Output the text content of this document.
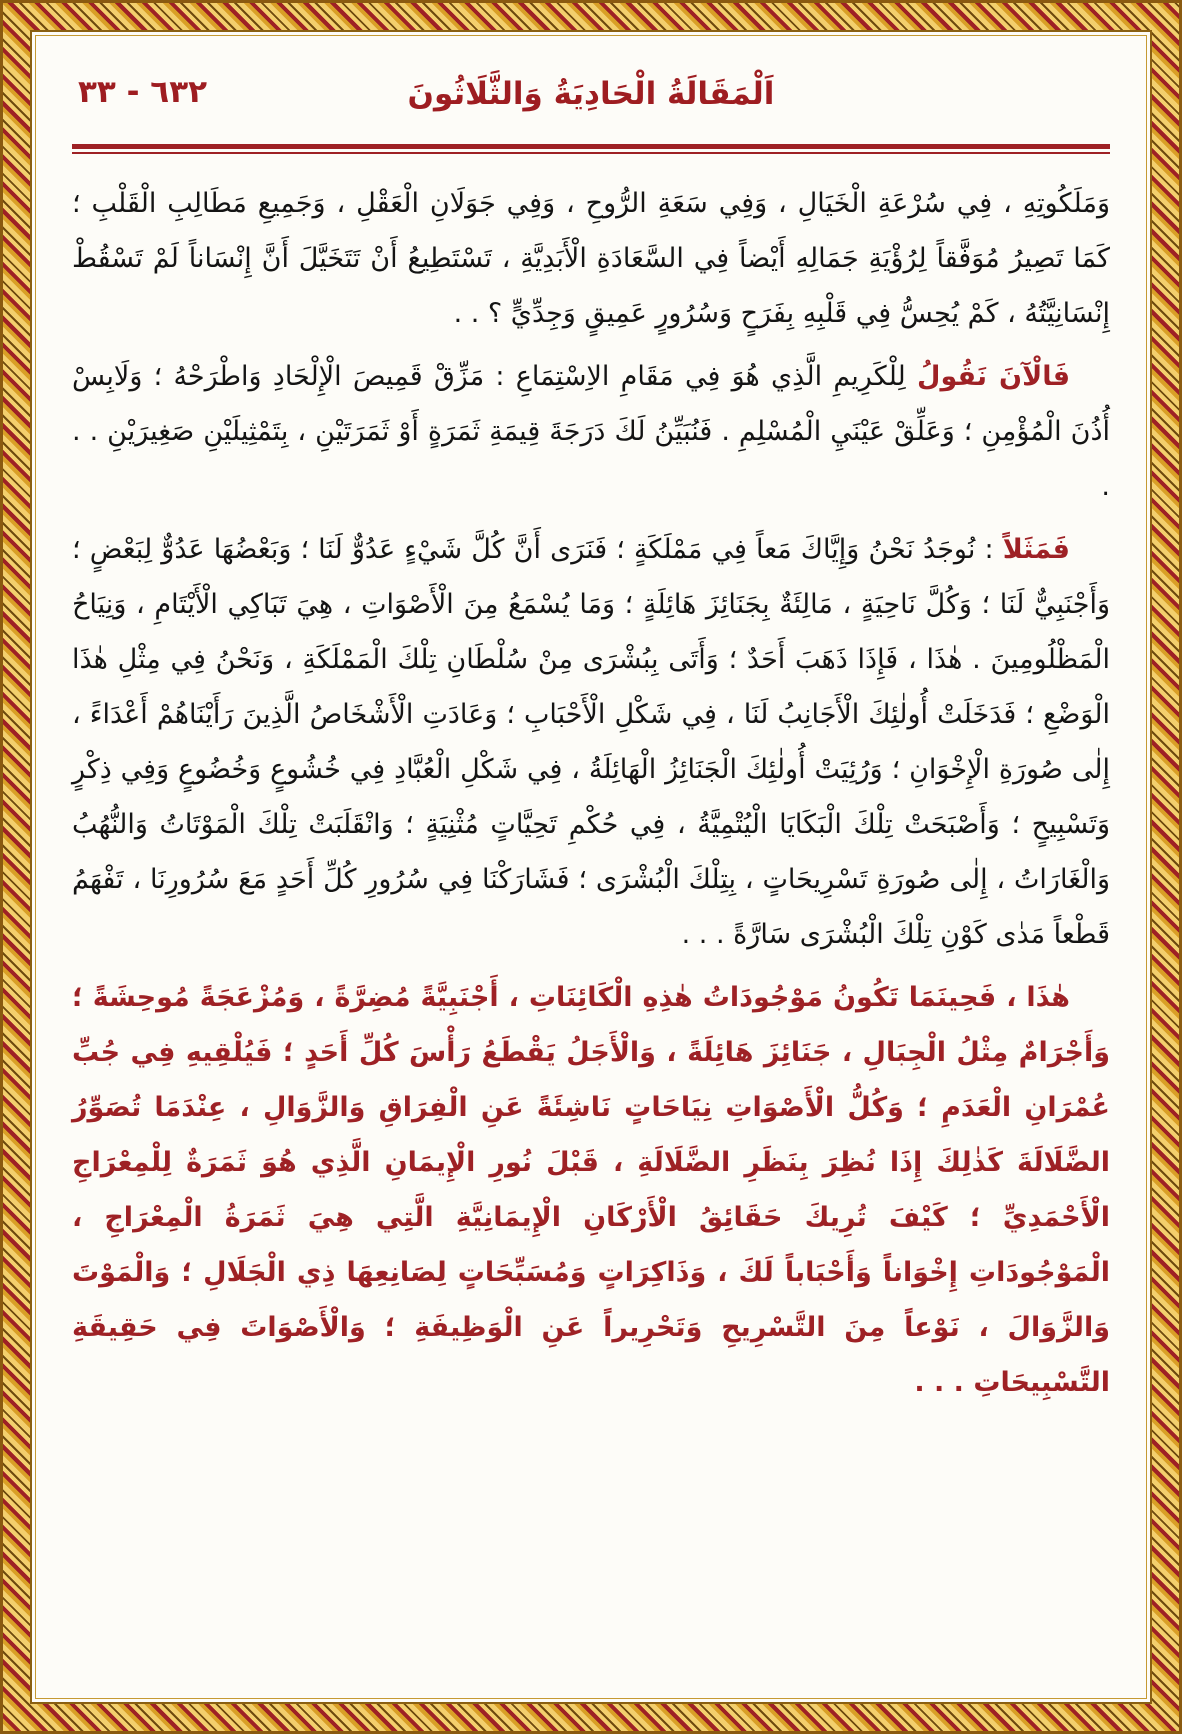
اَلْمَقَالَةُ الْحَادِيَةُ وَالثَّلَاثُونَ
٦٣٢ - ٣٣

وَمَلَكُوتِهِ ، فِي سُرْعَةِ الْخَيَالِ ، وَفِي سَعَةِ الرُّوحِ ، وَفِي جَوَلَانِ الْعَقْلِ ، وَجَمِيعِ مَطَالِبِ الْقَلْبِ ؛ كَمَا تَصِيرُ مُوَفَّقاً لِرُؤْيَةِ جَمَالِهِ أَيْضاً فِي السَّعَادَةِ الْأَبَدِيَّةِ ، تَسْتَطِيعُ أَنْ تَتَخَيَّلَ أَنَّ إِنْسَاناً لَمْ تَسْقُطْ إِنْسَانِيَّتُهُ ، كَمْ يُحِسُّ فِي قَلْبِهِ بِفَرَحٍ وَسُرُورٍ عَمِيقٍ وَجِدِّيٍّ ؟ . .

فَالْآنَ نَقُولُ لِلْكَرِيمِ الَّذِي هُوَ فِي مَقَامِ الاِسْتِمَاعِ : مَزِّقْ قَمِيصَ الْإِلْحَادِ وَاطْرَحْهُ ؛ وَلَابِسْ أُذُنَ الْمُؤْمِنِ ؛ وَعَلِّقْ عَيْنَيِ الْمُسْلِمِ . فَنُبَيِّنُ لَكَ دَرَجَةَ قِيمَةِ ثَمَرَةٍ أَوْ ثَمَرَتَيْنِ ، بِتَمْثِيلَيْنِ صَغِيرَيْنِ . . .

فَمَثَلاً : نُوجَدُ نَحْنُ وَإِيَّاكَ مَعاً فِي مَمْلَكَةٍ ؛ فَنَرَى أَنَّ كُلَّ شَيْءٍ عَدُوٌّ لَنَا ؛ وَبَعْضُهَا عَدُوٌّ لِبَعْضٍ ؛ وَأَجْنَبِيٌّ لَنَا ؛ وَكُلَّ نَاحِيَةٍ ، مَالِئَةٌ بِجَنَائِزَ هَائِلَةٍ ؛ وَمَا يُسْمَعُ مِنَ الْأَصْوَاتِ ، هِيَ تَبَاكِي الْأَيْتَامِ ، وَنِيَاحُ الْمَظْلُومِينَ . هٰذَا ، فَإِذَا ذَهَبَ أَحَدٌ ؛ وَأَتَى بِبُشْرَى مِنْ سُلْطَانِ تِلْكَ الْمَمْلَكَةِ ، وَنَحْنُ فِي مِثْلِ هٰذَا الْوَضْعِ ؛ فَدَخَلَتْ أُولٰئِكَ الْأَجَانِبُ لَنَا ، فِي شَكْلِ الْأَحْبَابِ ؛ وَعَادَتِ الْأَشْخَاصُ الَّذِينَ رَأَيْنَاهُمْ أَعْدَاءً ، إِلٰى صُورَةِ الْإِخْوَانِ ؛ وَرُئِيَتْ أُولٰئِكَ الْجَنَائِزُ الْهَائِلَةُ ، فِي شَكْلِ الْعُبَّادِ فِي خُشُوعٍ وَخُضُوعٍ وَفِي ذِكْرٍ وَتَسْبِيحٍ ؛ وَأَصْبَحَتْ تِلْكَ الْبَكَايَا الْيُتْمِيَّةُ ، فِي حُكْمِ تَحِيَّاتٍ مُثْنِيَةٍ ؛ وَانْقَلَبَتْ تِلْكَ الْمَوْتَاتُ وَالنُّهُبُ وَالْغَارَاتُ ، إِلٰى صُورَةِ تَسْرِيحَاتٍ ، بِتِلْكَ الْبُشْرَى ؛ فَشَارَكْنَا فِي سُرُورِ كُلِّ أَحَدٍ مَعَ سُرُورِنَا ، تَفْهَمُ قَطْعاً مَدٰى كَوْنِ تِلْكَ الْبُشْرَى سَارَّةً . . .

هٰذَا ، فَحِينَمَا تَكُونُ مَوْجُودَاتُ هٰذِهِ الْكَائِنَاتِ ، أَجْنَبِيَّةً مُضِرَّةً ، وَمُزْعَجَةً مُوحِشَةً ؛ وَأَجْرَامٌ مِثْلُ الْجِبَالِ ، جَنَائِزَ هَائِلَةً ، وَالْأَجَلُ يَقْطَعُ رَأْسَ كُلِّ أَحَدٍ ؛ فَيُلْقِيهِ فِي جُبِّ عُمْرَانِ الْعَدَمِ ؛ وَكُلُّ الْأَصْوَاتِ نِيَاحَاتٍ نَاشِئَةً عَنِ الْفِرَاقِ وَالزَّوَالِ ، عِنْدَمَا تُصَوِّرُ الضَّلَالَةَ كَذٰلِكَ إِذَا نُظِرَ بِنَظَرِ الضَّلَالَةِ ، قَبْلَ نُورِ الْإِيمَانِ الَّذِي هُوَ ثَمَرَةٌ لِلْمِعْرَاجِ الْأَحْمَدِيِّ ؛ كَيْفَ تُرِيكَ حَقَائِقُ الْأَرْكَانِ الْإِيمَانِيَّةِ الَّتِي هِيَ ثَمَرَةُ الْمِعْرَاجِ ، الْمَوْجُودَاتِ إِخْوَاناً وَأَحْبَاباً لَكَ ، وَذَاكِرَاتٍ وَمُسَبِّحَاتٍ لِصَانِعِهَا ذِي الْجَلَالِ ؛ وَالْمَوْتَ وَالزَّوَالَ ، نَوْعاً مِنَ التَّسْرِيحِ وَتَحْرِيراً عَنِ الْوَظِيفَةِ ؛ وَالْأَصْوَاتَ فِي حَقِيقَةِ التَّسْبِيحَاتِ . . .
